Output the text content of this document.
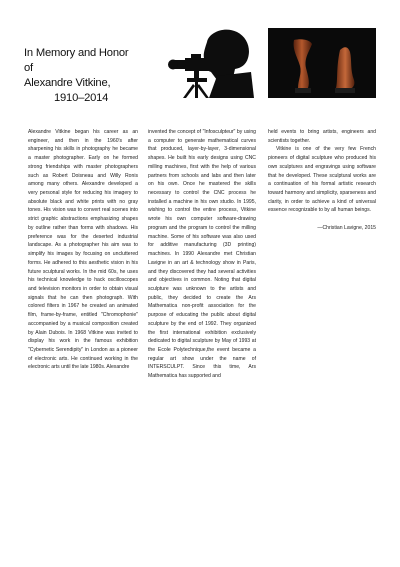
In Memory and Honor of
Alexandre Vitkine,
1910–2014

Alexandre Vitkine began his career as an engineer, and then in the 1960's after sharpening his skills in photography he became a master photographer. Early on he formed strong friendships with master photographers such as Robert Doisneau and Willy Ronis among many others. Alexandre developed a very personal style for reducing his imagery to absolute black and white prints with no gray tones. His vision was to convert real scenes into strict graphic abstractions emphasizing shapes by outline rather than forms with shadows. His preference was for the deserted industrial landscape. As a photographer his aim was to simplify his images by focusing on uncluttered forms. He adhered to this aesthetic vision in his future sculptural works. In the mid 60s, he uses his technical knowledge to hack oscilloscopes and television monitors in order to obtain visual signals that he can then photograph. With colored filters in 1967 he created an animated film, frame-by-frame, entitled "Chromophonie" accompanied by a musical composition created by Alain Dubois. In 1968 Vitkine was invited to display his work in the famous exhibition "Cybernetic Serendipity" in London as a pioneer of electronic arts. He continued working in the electronic arts until the late 1980s. Alexandre

invented the concept of "Infosculpteur" by using a computer to generate mathematical curves that produced, layer-by-layer, 3-dimensional shapes. He built his early designs using CNC milling machines, first with the help of various partners from schools and labs and then later on his own. Once he mastered the skills necessary to control the CNC process he installed a machine in his own studio. In 1995, wishing to control the entire process, Vitkine wrote his own computer software-drawing program and the program to control the milling machine. Some of his software was also used for additive manufacturing (3D printing) machines. In 1990 Alexandre met Christian Lavigne in an art & technology show in Paris, and they discovered they had several activities and objectives in common. Noting that digital sculpture was unknown to the artists and public, they decided to create the Ars Mathematica non-profit association for the purpose of educating the public about digital sculpture by the end of 1992. They organized the first international exhibition exclusively dedicated to digital sculpture by May of 1993 at the Ecole Polytechnique,the event became a regular art show under the name of INTERSCULPT. Since this time, Ars Mathematica has supported and

held events to bring artists, engineers and scientists together.

Vitkine is one of the very few French pioneers of digital sculpture who produced his own sculptures and engravings using software that he developed. These sculptural works are a continuation of his formal artistic research toward harmony and simplicity, sparseness and clarity, in order to achieve a kind of universal essence recognizable to by all human beings.

—Christian Lavigne, 2015
